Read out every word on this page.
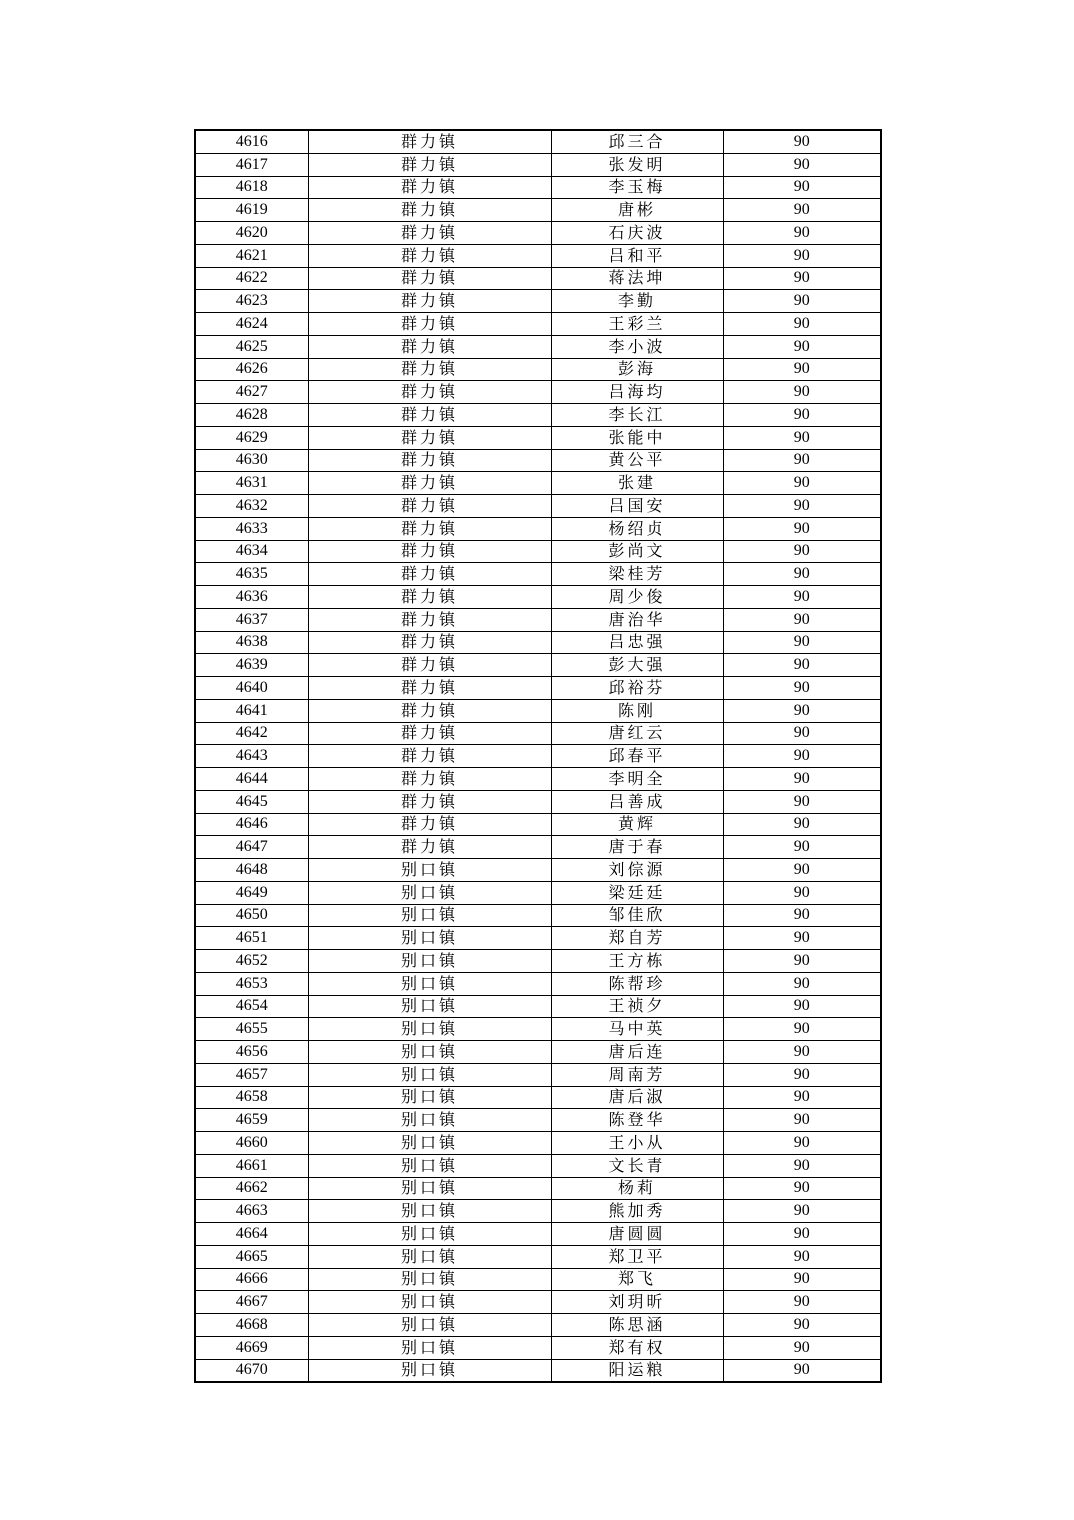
4616	群力镇	邱三合	90
4617	群力镇	张发明	90
4618	群力镇	李玉梅	90
4619	群力镇	唐彬	90
4620	群力镇	石庆波	90
4621	群力镇	吕和平	90
4622	群力镇	蒋法坤	90
4623	群力镇	李勤	90
4624	群力镇	王彩兰	90
4625	群力镇	李小波	90
4626	群力镇	彭海	90
4627	群力镇	吕海均	90
4628	群力镇	李长江	90
4629	群力镇	张能中	90
4630	群力镇	黄公平	90
4631	群力镇	张建	90
4632	群力镇	吕国安	90
4633	群力镇	杨绍贞	90
4634	群力镇	彭尚文	90
4635	群力镇	梁桂芳	90
4636	群力镇	周少俊	90
4637	群力镇	唐治华	90
4638	群力镇	吕忠强	90
4639	群力镇	彭大强	90
4640	群力镇	邱裕芬	90
4641	群力镇	陈刚	90
4642	群力镇	唐红云	90
4643	群力镇	邱春平	90
4644	群力镇	李明全	90
4645	群力镇	吕善成	90
4646	群力镇	黄辉	90
4647	群力镇	唐于春	90
4648	别口镇	刘倧源	90
4649	别口镇	梁廷廷	90
4650	别口镇	邹佳欣	90
4651	别口镇	郑自芳	90
4652	别口镇	王方栋	90
4653	别口镇	陈帮珍	90
4654	别口镇	王祯夕	90
4655	别口镇	马中英	90
4656	别口镇	唐后连	90
4657	别口镇	周南芳	90
4658	别口镇	唐后淑	90
4659	别口镇	陈登华	90
4660	别口镇	王小从	90
4661	别口镇	文长青	90
4662	别口镇	杨莉	90
4663	别口镇	熊加秀	90
4664	别口镇	唐圆圆	90
4665	别口镇	郑卫平	90
4666	别口镇	郑飞	90
4667	别口镇	刘玥昕	90
4668	别口镇	陈思涵	90
4669	别口镇	郑有权	90
4670	别口镇	阳运粮	90
